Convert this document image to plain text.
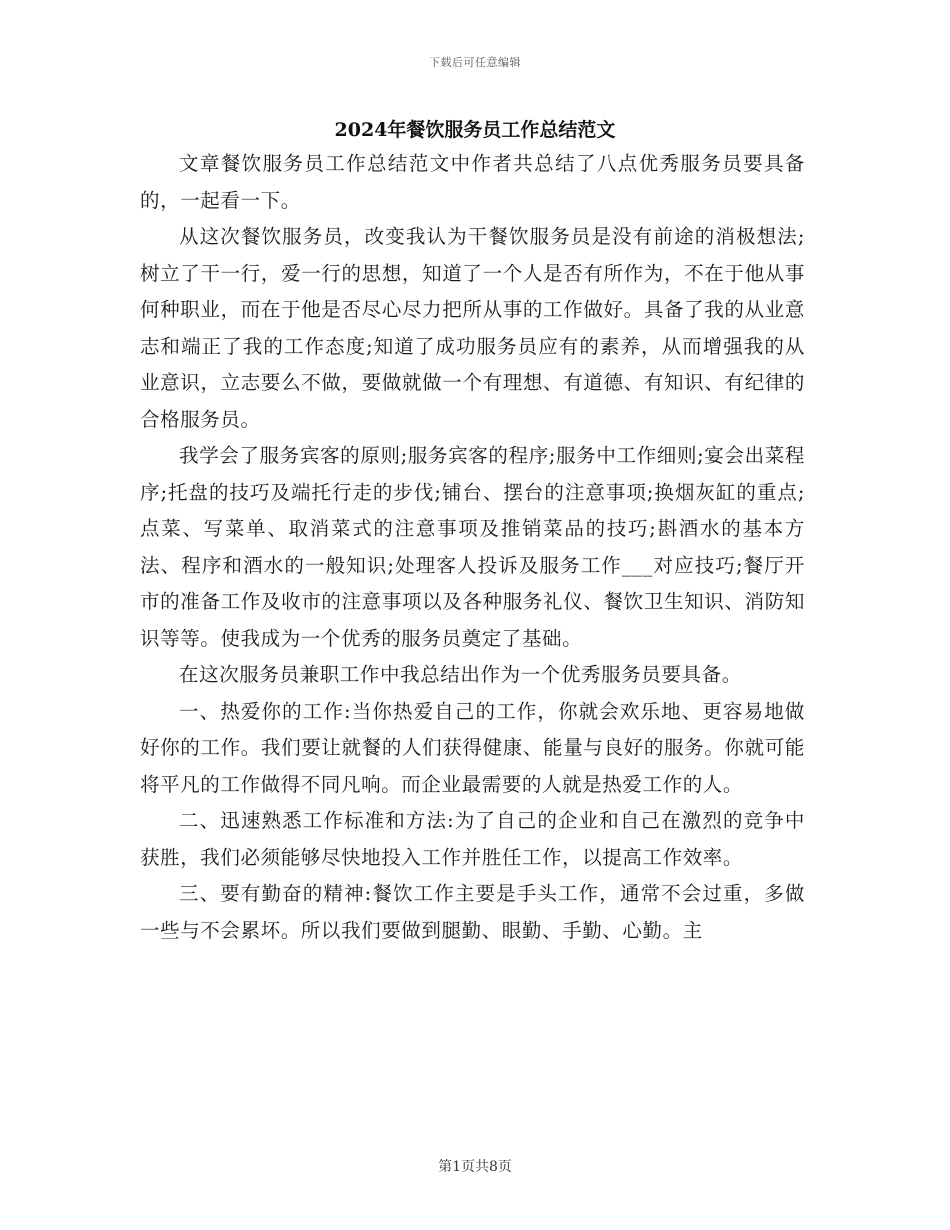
下载后可任意编辑
2024年餐饮服务员工作总结范文

文章餐饮服务员工作总结范文中作者共总结了八点优秀服务员要具备的，一起看一下。

从这次餐饮服务员，改变我认为干餐饮服务员是没有前途的消极想法;树立了干一行，爱一行的思想，知道了一个人是否有所作为，不在于他从事何种职业，而在于他是否尽心尽力把所从事的工作做好。具备了我的从业意志和端正了我的工作态度;知道了成功服务员应有的素养，从而增强我的从业意识，立志要么不做，要做就做一个有理想、有道德、有知识、有纪律的合格服务员。

我学会了服务宾客的原则;服务宾客的程序;服务中工作细则;宴会出菜程序;托盘的技巧及端托行走的步伐;铺台、摆台的注意事项;换烟灰缸的重点;点菜、写菜单、取消菜式的注意事项及推销菜品的技巧;斟酒水的基本方法、程序和酒水的一般知识;处理客人投诉及服务工作___对应技巧;餐厅开市的准备工作及收市的注意事项以及各种服务礼仪、餐饮卫生知识、消防知识等等。使我成为一个优秀的服务员奠定了基础。

在这次服务员兼职工作中我总结出作为一个优秀服务员要具备。

一、热爱你的工作:当你热爱自己的工作，你就会欢乐地、更容易地做好你的工作。我们要让就餐的人们获得健康、能量与良好的服务。你就可能将平凡的工作做得不同凡响。而企业最需要的人就是热爱工作的人。

二、迅速熟悉工作标准和方法:为了自己的企业和自己在激烈的竞争中获胜，我们必须能够尽快地投入工作并胜任工作，以提高工作效率。

三、要有勤奋的精神:餐饮工作主要是手头工作，通常不会过重，多做一些与不会累坏。所以我们要做到腿勤、眼勤、手勤、心勤。主

第1页共8页
